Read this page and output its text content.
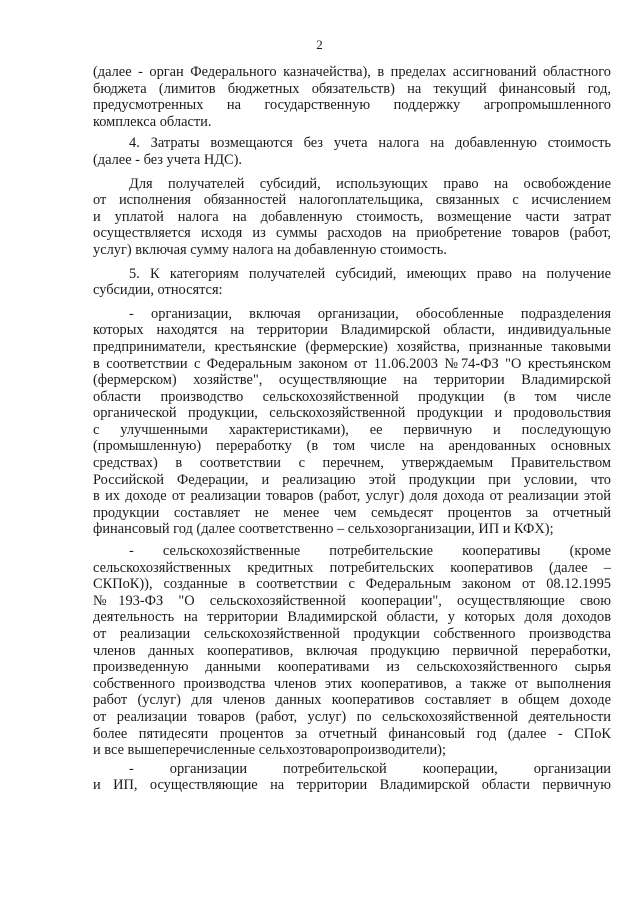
2
(далее - орган Федерального казначейства), в пределах ассигнований областного
бюджета (лимитов бюджетных обязательств) на текущий финансовый год,
предусмотренных на государственную поддержку агропромышленного
комплекса области.
4. Затраты возмещаются без учета налога на добавленную стоимость
(далее - без учета НДС).
Для получателей субсидий, использующих право на освобождение
от исполнения обязанностей налогоплательщика, связанных с исчислением
и уплатой налога на добавленную стоимость, возмещение части затрат
осуществляется исходя из суммы расходов на приобретение товаров (работ,
услуг) включая сумму налога на добавленную стоимость.
5. К категориям получателей субсидий, имеющих право на получение
субсидии, относятся:
- организации, включая организации, обособленные подразделения
которых находятся на территории Владимирской области, индивидуальные
предприниматели, крестьянские (фермерские) хозяйства, признанные таковыми
в соответствии с Федеральным законом от 11.06.2003 №74-ФЗ "О крестьянском
(фермерском) хозяйстве", осуществляющие на территории Владимирской
области производство сельскохозяйственной продукции (в том числе
органической продукции, сельскохозяйственной продукции и продовольствия
с улучшенными характеристиками), ее первичную и последующую
(промышленную) переработку (в том числе на арендованных основных
средствах) в соответствии с перечнем, утверждаемым Правительством
Российской Федерации, и реализацию этой продукции при условии, что
в их доходе от реализации товаров (работ, услуг) доля дохода от реализации этой
продукции составляет не менее чем семьдесят процентов за отчетный
финансовый год (далее соответственно – сельхозорганизации, ИП и КФХ);
- сельскохозяйственные потребительские кооперативы (кроме
сельскохозяйственных кредитных потребительских кооперативов (далее –
СКПоК)), созданные в соответствии с Федеральным законом от 08.12.1995
№193-ФЗ "О сельскохозяйственной кооперации", осуществляющие свою
деятельность на территории Владимирской области, у которых доля доходов
от реализации сельскохозяйственной продукции собственного производства
членов данных кооперативов, включая продукцию первичной переработки,
произведенную данными кооперативами из сельскохозяйственного сырья
собственного производства членов этих кооперативов, а также от выполнения
работ (услуг) для членов данных кооперативов составляет в общем доходе
от реализации товаров (работ, услуг) по сельскохозяйственной деятельности
более пятидесяти процентов за отчетный финансовый год (далее - СПоК
и все вышеперечисленные сельхозтоваропроизводители);
- организации потребительской кооперации, организации
и ИП, осуществляющие на территории Владимирской области первичную
